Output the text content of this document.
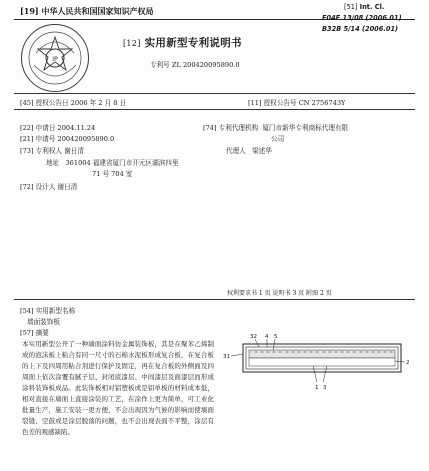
IP
[19] 中华人民共和国国家知识产权局	[51] Int. Cl.
E04F 13/08 (2006.01)
B32B 5/14 (2006.01)
[12] 实用新型专利说明书
专利号 ZL 200420095890.0
[45] 授权公告日 2006 年 2 月 8 日	[11] 授权公告号 CN 2756743Y
[22] 申请日 2004.11.24
[21] 申请号 200420095890.0
[73] 专利权人 谢日清
地址 361004 福建省厦门市开元区湖滨四里
71 号 704 室
[72] 设计人 谢日清
[74] 专利代理机构 厦门市新华专利商标代理有限
公司
代理人 梁述华
权利要求书 1 页 说明书 3 页 附图 2 页
[54] 实用新型名称
墙面装饰板
[57] 摘要
本实用新型公开了一种墙面涂料仿金属装饰板，其是在聚苯乙烯制成的泡沫板上粘合有同一尺寸的石棉水泥板形成复合板，在复合板的上下及四周用粘合剂进行保护及固定，再在复合板的外侧面及四周面上依次涂覆有腻子层、封闭底漆层、中间漆层及面漆层而形成涂料装饰板成品。此装饰板相对铝塑板或是铝单板的材料成本低，相对直接在墙面上直接涂装的工艺，在涂作上更为简单，可工业化批量生产，施工安装一更方便，不会出现因为气候的影响而使墙面裂缝、空鼓或是涂层脱落的问题，也不会出现表面不平整，涂层有色差的观感缺陷。
32 4 5
31
2
1 3
